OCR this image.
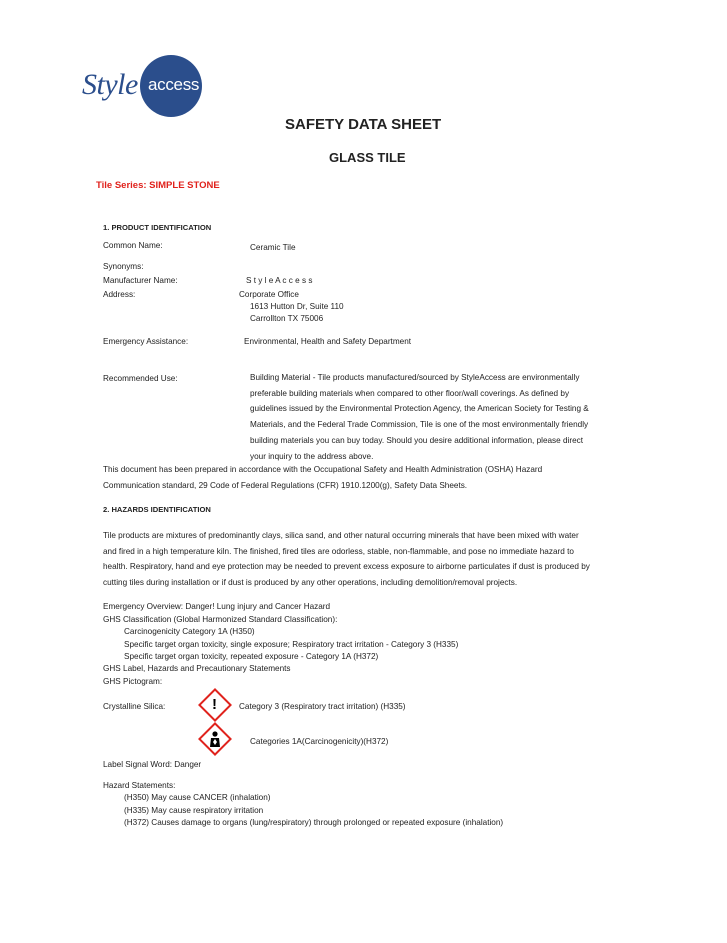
Style access
SAFETY DATA SHEET
GLASS TILE
Tile Series: SIMPLE STONE
1. PRODUCT IDENTIFICATION
Common Name:	Ceramic Tile
Synonyms:
Manufacturer Name:	S t y l e A c c e s s
Address:	Corporate Office
1613 Hutton Dr, Suite 110
Carrollton TX 75006
Emergency Assistance:	Environmental, Health and Safety Department
Recommended Use:	Building Material - Tile products manufactured/sourced by StyleAccess are environmentally
preferable building materials when compared to other floor/wall coverings. As defined by
guidelines issued by the Environmental Protection Agency, the American Society for Testing &
Materials, and the Federal Trade Commission, Tile is one of the most environmentally friendly
building materials you can buy today. Should you desire additional information, please direct
your inquiry to the address above.
This document has been prepared in accordance with the Occupational Safety and Health Administration (OSHA) Hazard
Communication standard, 29 Code of Federal Regulations (CFR) 1910.1200(g), Safety Data Sheets.
2. HAZARDS IDENTIFICATION
Tile products are mixtures of predominantly clays, silica sand, and other natural occurring minerals that have been mixed with water
and fired in a high temperature kiln. The finished, fired tiles are odorless, stable, non-flammable, and pose no immediate hazard to
health. Respiratory, hand and eye protection may be needed to prevent excess exposure to airborne particulates if dust is produced by
cutting tiles during installation or if dust is produced by any other operations, including demolition/removal projects.
Emergency Overview: Danger! Lung injury and Cancer Hazard
GHS Classification (Global Harmonized Standard Classification):
Carcinogenicity Category 1A (H350)
Specific target organ toxicity, single exposure; Respiratory tract irritation - Category 3 (H335)
Specific target organ toxicity, repeated exposure - Category 1A (H372)
GHS Label, Hazards and Precautionary Statements
GHS Pictogram:
Crystalline Silica:	!	Category 3 (Respiratory tract irritation) (H335)
Categories 1A(Carcinogenicity)(H372)
Label Signal Word: Danger
Hazard Statements:
(H350) May cause CANCER (inhalation)
(H335) May cause respiratory irritation
(H372) Causes damage to organs (lung/respiratory) through prolonged or repeated exposure (inhalation)
